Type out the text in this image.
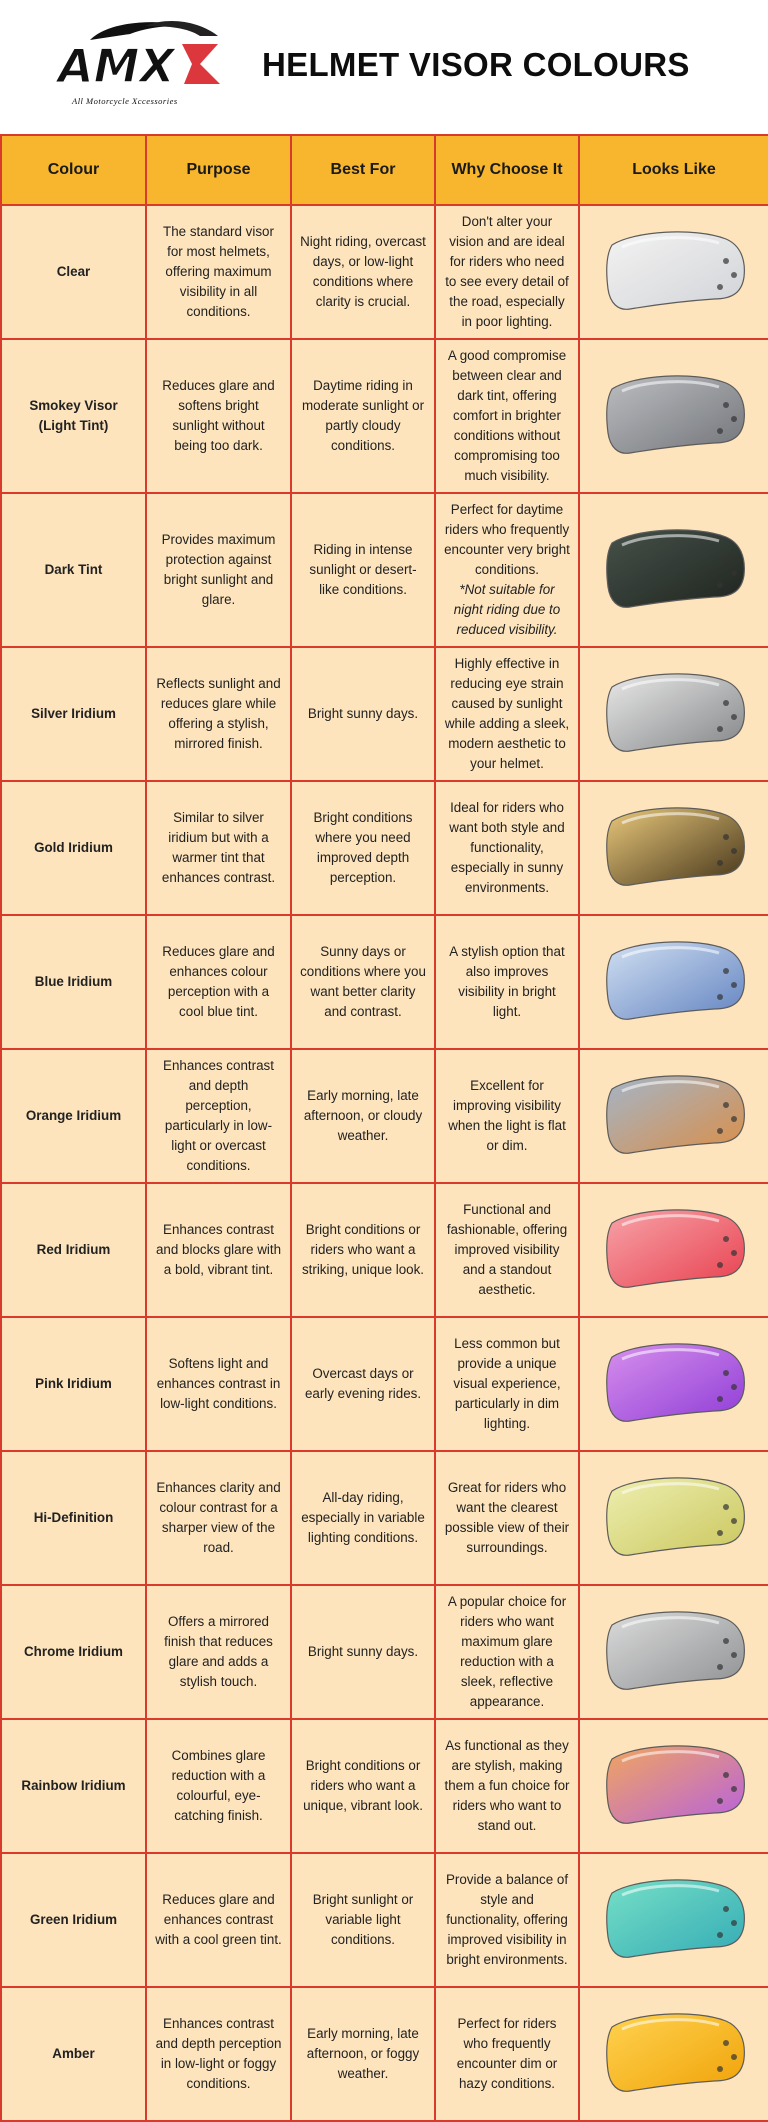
AMX
All Motorcycle Xccessories
HELMET VISOR COLOURS
Colour	Purpose	Best For	Why Choose It	Looks Like
Clear	The standard visor for most helmets, offering maximum visibility in all conditions.	Night riding, overcast days, or low-light conditions where clarity is crucial.	Don't alter your vision and are ideal for riders who need to see every detail of the road, especially in poor lighting.	

Smokey Visor (Light Tint)	Reduces glare and softens bright sunlight without being too dark.	Daytime riding in moderate sunlight or partly cloudy conditions.	A good compromise between clear and dark tint, offering comfort in brighter conditions without compromising too much visibility.	

Dark Tint	Provides maximum protection against bright sunlight and glare.	Riding in intense sunlight or desert-like conditions.	Perfect for daytime riders who frequently encounter very bright conditions.
*Not suitable for night riding due to reduced visibility.

Silver Iridium	Reflects sunlight and reduces glare while offering a stylish, mirrored finish.	Bright sunny days.	Highly effective in reducing eye strain caused by sunlight while adding a sleek, modern aesthetic to your helmet.	

Gold Iridium	Similar to silver iridium but with a warmer tint that enhances contrast.	Bright conditions where you need improved depth perception.	Ideal for riders who want both style and functionality, especially in sunny environments.	

Blue Iridium	Reduces glare and enhances colour perception with a cool blue tint.	Sunny days or conditions where you want better clarity and contrast.	A stylish option that also improves visibility in bright light.	

Orange Iridium	Enhances contrast and depth perception, particularly in low-light or overcast conditions.	Early morning, late afternoon, or cloudy weather.	Excellent for improving visibility when the light is flat or dim.	

Red Iridium	Enhances contrast and blocks glare with a bold, vibrant tint.	Bright conditions or riders who want a striking, unique look.	Functional and fashionable, offering improved visibility and a standout aesthetic.	

Pink Iridium	Softens light and enhances contrast in low-light conditions.	Overcast days or early evening rides.	Less common but provide a unique visual experience, particularly in dim lighting.	

Hi-Definition	Enhances clarity and colour contrast for a sharper view of the road.	All-day riding, especially in variable lighting conditions.	Great for riders who want the clearest possible view of their surroundings.	

Chrome Iridium	Offers a mirrored finish that reduces glare and adds a stylish touch.	Bright sunny days.	A popular choice for riders who want maximum glare reduction with a sleek, reflective appearance.	

Rainbow Iridium	Combines glare reduction with a colourful, eye-catching finish.	Bright conditions or riders who want a unique, vibrant look.	As functional as they are stylish, making them a fun choice for riders who want to stand out.	

Green Iridium	Reduces glare and enhances contrast with a cool green tint.	Bright sunlight or variable light conditions.	Provide a balance of style and functionality, offering improved visibility in bright environments.	

Amber	Enhances contrast and depth perception in low-light or foggy conditions.	Early morning, late afternoon, or foggy weather.	Perfect for riders who frequently encounter dim or hazy conditions.	
